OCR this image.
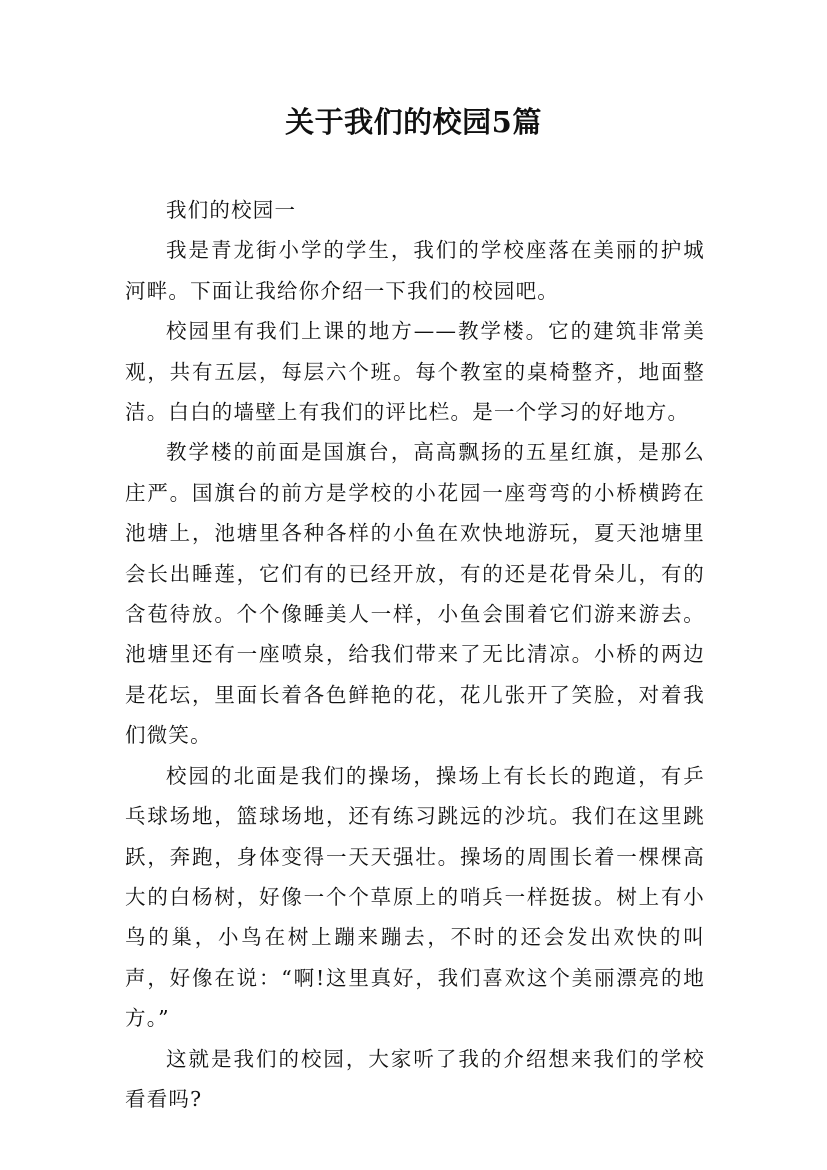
关于我们的校园5篇

我们的校园一

我是青龙街小学的学生，我们的学校座落在美丽的护城河畔。下面让我给你介绍一下我们的校园吧。

校园里有我们上课的地方——教学楼。它的建筑非常美观，共有五层，每层六个班。每个教室的桌椅整齐，地面整洁。白白的墙壁上有我们的评比栏。是一个学习的好地方。

教学楼的前面是国旗台，高高飘扬的五星红旗，是那么庄严。国旗台的前方是学校的小花园一座弯弯的小桥横跨在池塘上，池塘里各种各样的小鱼在欢快地游玩，夏天池塘里会长出睡莲，它们有的已经开放，有的还是花骨朵儿，有的含苞待放。个个像睡美人一样，小鱼会围着它们游来游去。池塘里还有一座喷泉，给我们带来了无比清凉。小桥的两边是花坛，里面长着各色鲜艳的花，花儿张开了笑脸，对着我们微笑。

校园的北面是我们的操场，操场上有长长的跑道，有乒乓球场地，篮球场地，还有练习跳远的沙坑。我们在这里跳跃，奔跑，身体变得一天天强壮。操场的周围长着一棵棵高大的白杨树，好像一个个草原上的哨兵一样挺拔。树上有小鸟的巢，小鸟在树上蹦来蹦去，不时的还会发出欢快的叫声，好像在说：“啊!这里真好，我们喜欢这个美丽漂亮的地方。”

这就是我们的校园，大家听了我的介绍想来我们的学校看看吗?
